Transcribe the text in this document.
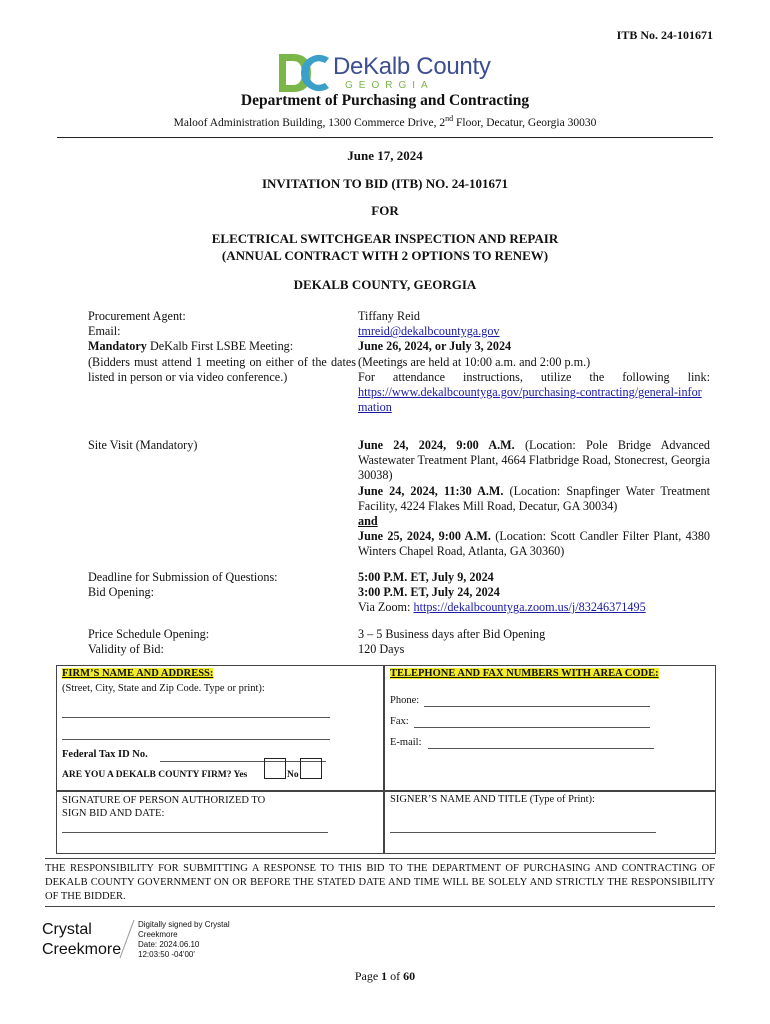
ITB No. 24-101671
DeKalb County
GEORGIA
Department of Purchasing and Contracting
Maloof Administration Building, 1300 Commerce Drive, 2nd Floor, Decatur, Georgia 30030
June 17, 2024
INVITATION TO BID (ITB) NO. 24-101671
FOR
ELECTRICAL SWITCHGEAR INSPECTION AND REPAIR
(ANNUAL CONTRACT WITH 2 OPTIONS TO RENEW)
DEKALB COUNTY, GEORGIA
Procurement Agent:
Email:
Mandatory DeKalb First LSBE Meeting:
(Bidders must attend 1 meeting on either of the dates listed in person or via video conference.)
Tiffany Reid
tmreid@dekalbcountyga.gov
June 26, 2024, or July 3, 2024
(Meetings are held at 10:00 a.m. and 2:00 p.m.)
For attendance instructions, utilize the following link:
https://www.dekalbcountyga.gov/purchasing-contracting/general-information
Site Visit (Mandatory)	June 24, 2024, 9:00 A.M. (Location: Pole Bridge Advanced Wastewater Treatment Plant, 4664 Flatbridge Road, Stonecrest, Georgia 30038)
June 24, 2024, 11:30 A.M. (Location: Snapfinger Water Treatment Facility, 4224 Flakes Mill Road, Decatur, GA 30034)
and
June 25, 2024, 9:00 A.M. (Location: Scott Candler Filter Plant, 4380 Winters Chapel Road, Atlanta, GA 30360)
Deadline for Submission of Questions:
Bid Opening:
5:00 P.M. ET, July 9, 2024
3:00 P.M. ET, July 24, 2024
Via Zoom: https://dekalbcountyga.zoom.us/j/83246371495
Price Schedule Opening:
Validity of Bid:
3 – 5 Business days after Bid Opening
120 Days
FIRM’S NAME AND ADDRESS:
(Street, City, State and Zip Code. Type or print):
Federal Tax ID No.
ARE YOU A DEKALB COUNTY FIRM? Yes	No
TELEPHONE AND FAX NUMBERS WITH AREA CODE:
Phone:
Fax:
E-mail:
SIGNATURE OF PERSON AUTHORIZED TO SIGN BID AND DATE:
SIGNER’S NAME AND TITLE (Type of Print):
THE RESPONSIBILITY FOR SUBMITTING A RESPONSE TO THIS BID TO THE DEPARTMENT OF PURCHASING AND CONTRACTING OF DEKALB COUNTY GOVERNMENT ON OR BEFORE THE STATED DATE AND TIME WILL BE SOLELY AND STRICTLY THE RESPONSIBILITY OF THE BIDDER.
Crystal
Creekmore
Digitally signed by Crystal
Creekmore
Date: 2024.06.10
12:03:50 -04'00'
Page 1 of 60
